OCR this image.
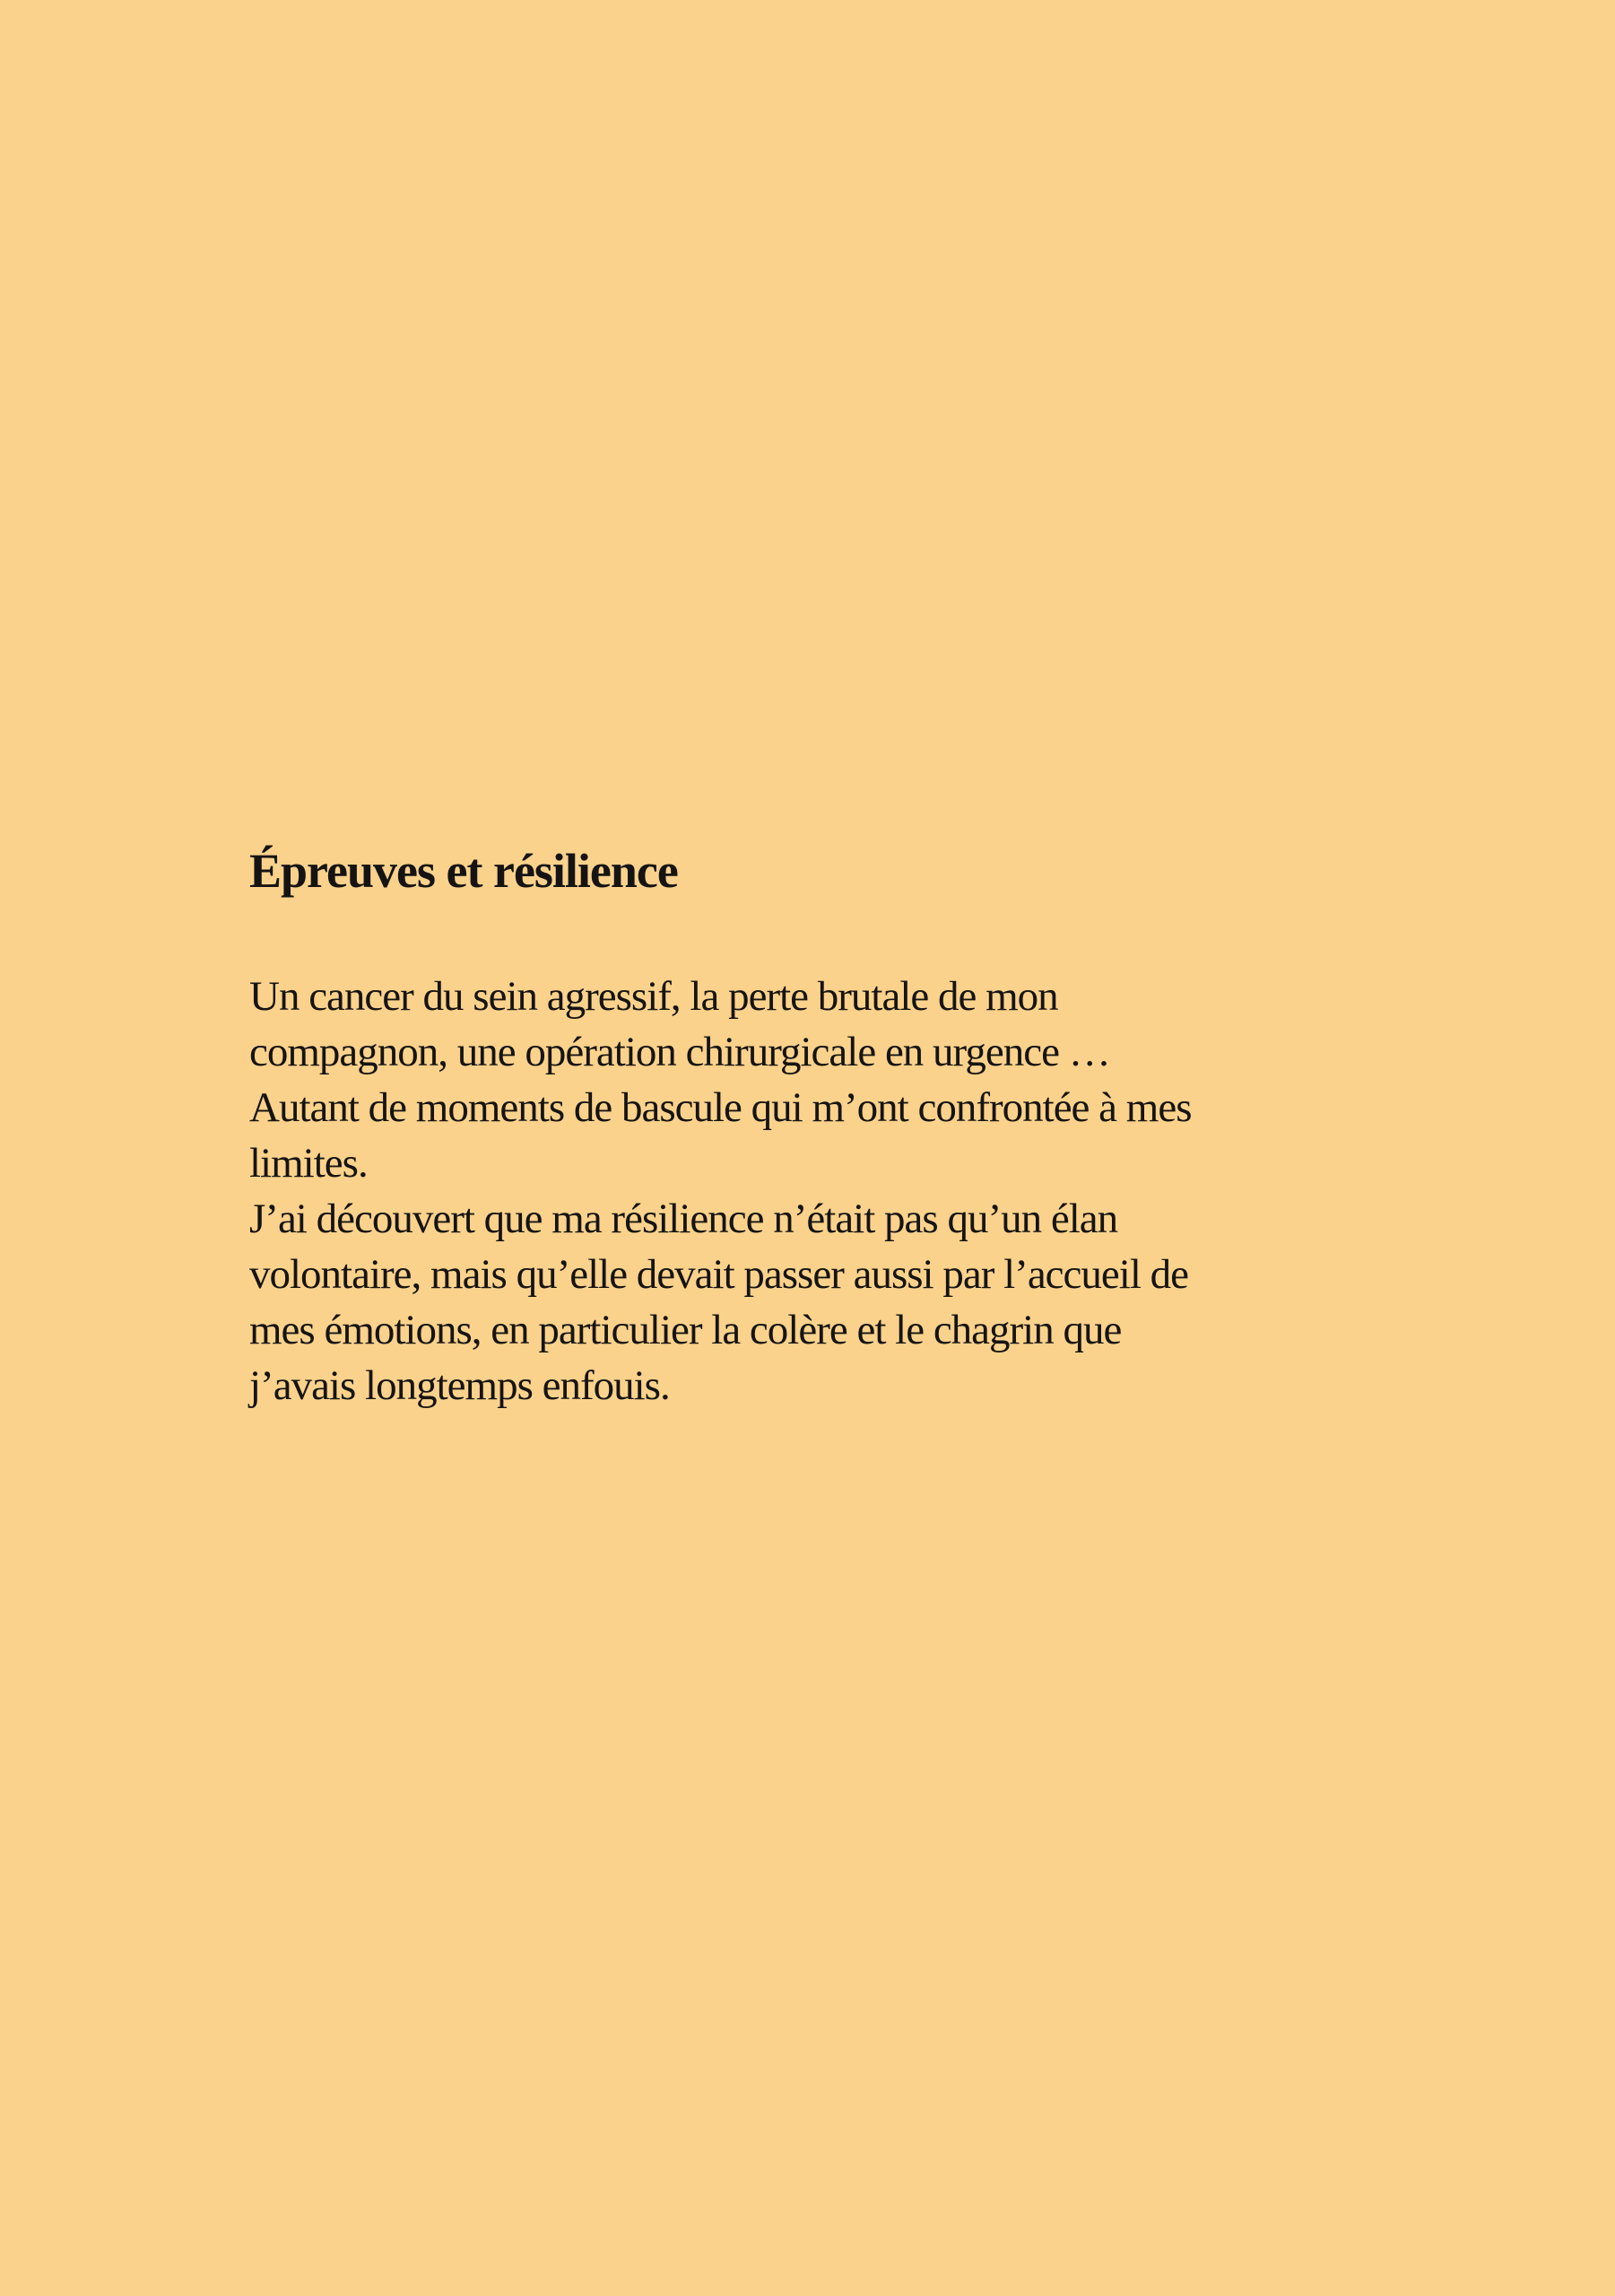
Épreuves et résilience
Un cancer du sein agressif, la perte brutale de mon
compagnon, une opération chirurgicale en urgence …
Autant de moments de bascule qui m’ont confrontée à mes
limites.
J’ai découvert que ma résilience n’était pas qu’un élan
volontaire, mais qu’elle devait passer aussi par l’accueil de
mes émotions, en particulier la colère et le chagrin que
j’avais longtemps enfouis.
